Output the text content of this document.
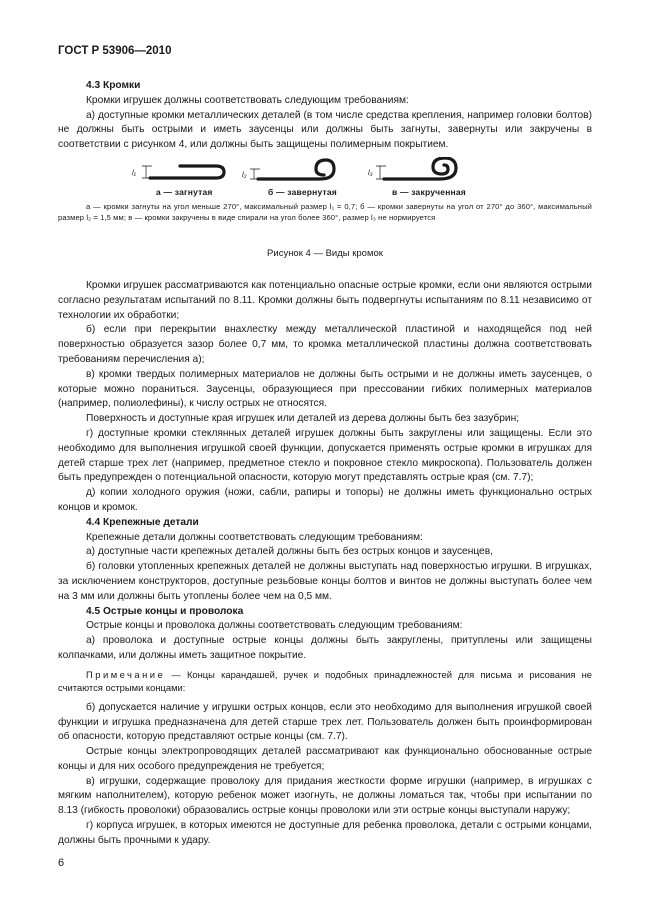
ГОСТ Р 53906—2010

4.3 Кромки

Кромки игрушек должны соответствовать следующим требованиям:

а) доступные кромки металлических деталей (в том числе средства крепления, например головки болтов) не должны быть острыми и иметь заусенцы или должны быть загнуты, завернуты или закручены в соответствии с рисунком 4, или должны быть защищены полимерным покрытием.

l₁	l₂	l₃
а — загнутая	б — завернутая	в — закрученная

а — кромки загнуты на угол меньше 270°, максимальный размер l₁ = 0,7; б — кромки завернуты на угол от 270° до 360°, максимальный размер l₂ = 1,5 мм; в — кромки закручены в виде спирали на угол более 360°, размер l₃ не нормируется

Рисунок 4 — Виды кромок

Кромки игрушек рассматриваются как потенциально опасные острые кромки, если они являются острыми согласно результатам испытаний по 8.11. Кромки должны быть подвергнуты испытаниям по 8.11 независимо от технологии их обработки;

б) если при перекрытии внахлестку между металлической пластиной и находящейся под ней поверхностью образуется зазор более 0,7 мм, то кромка металлической пластины должна соответствовать требованиям перечисления а);

в) кромки твердых полимерных материалов не должны быть острыми и не должны иметь заусенцев, о которые можно пораниться. Заусенцы, образующиеся при прессовании гибких полимерных материалов (например, полиолефины), к числу острых не относятся.

Поверхность и доступные края игрушек или деталей из дерева должны быть без зазубрин;

г) доступные кромки стеклянных деталей игрушек должны быть закруглены или защищены. Если это необходимо для выполнения игрушкой своей функции, допускается применять острые кромки в игрушках для детей старше трех лет (например, предметное стекло и покровное стекло микроскопа). Пользователь должен быть предупрежден о потенциальной опасности, которую могут представлять острые края (см. 7.7);

д) копии холодного оружия (ножи, сабли, рапиры и топоры) не должны иметь функционально острых концов и кромок.

4.4 Крепежные детали

Крепежные детали должны соответствовать следующим требованиям:

а) доступные части крепежных деталей должны быть без острых концов и заусенцев,

б) головки утопленных крепежных деталей не должны выступать над поверхностью игрушки. В игрушках, за исключением конструкторов, доступные резьбовые концы болтов и винтов не должны выступать более чем на 3 мм или должны быть утоплены более чем на 0,5 мм.

4.5 Острые концы и проволока

Острые концы и проволока должны соответствовать следующим требованиям:

а) проволока и доступные острые концы должны быть закруглены, притуплены или защищены колпачками, или должны иметь защитное покрытие.

Примечание — Концы карандашей, ручек и подобных принадлежностей для письма и рисования не считаются острыми концами:

б) допускается наличие у игрушки острых концов, если это необходимо для выполнения игрушкой своей функции и игрушка предназначена для детей старше трех лет. Пользователь должен быть проинформирован об опасности, которую представляют острые концы (см. 7.7).

Острые концы электропроводящих деталей рассматривают как функционально обоснованные острые концы и для них особого предупреждения не требуется;

в) игрушки, содержащие проволоку для придания жесткости форме игрушки (например, в игрушках с мягким наполнителем), которую ребенок может изогнуть, не должны ломаться так, чтобы при испытании по 8.13 (гибкость проволоки) образовались острые концы проволоки или эти острые концы выступали наружу;

г) корпуса игрушек, в которых имеются не доступные для ребенка проволока, детали с острыми концами, должны быть прочными к удару.

6
